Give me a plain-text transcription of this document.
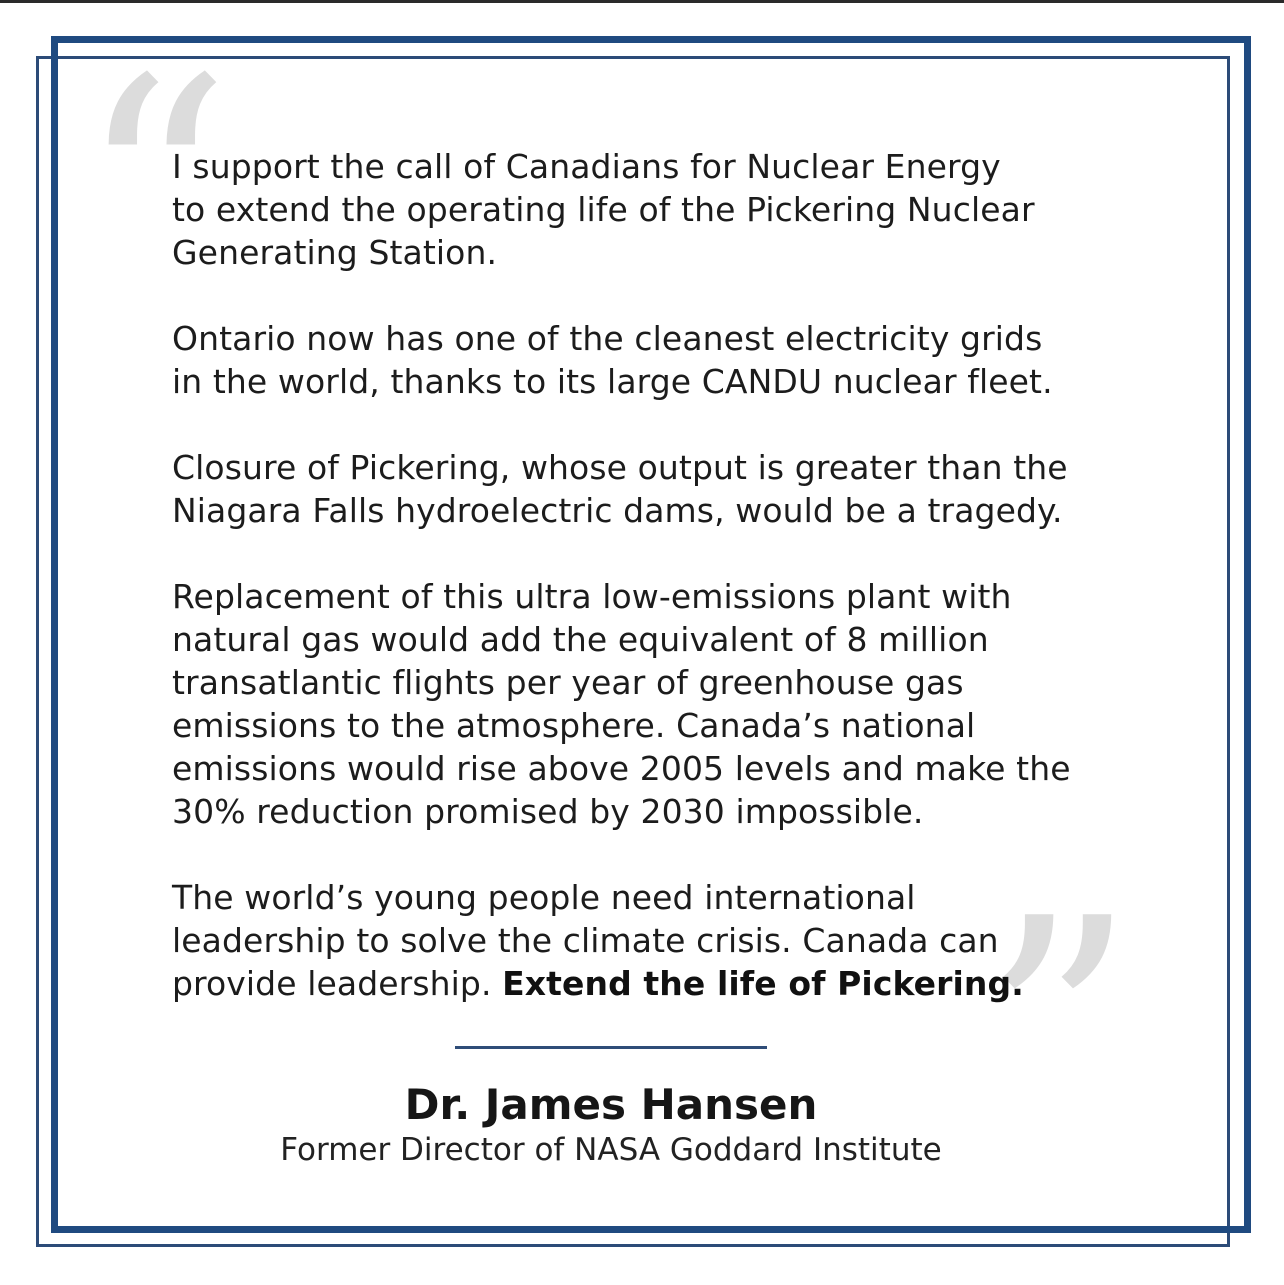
“
”

I support the call of Canadians for Nuclear Energy
to extend the operating life of the Pickering Nuclear
Generating Station.

Ontario now has one of the cleanest electricity grids
in the world, thanks to its large CANDU nuclear fleet.

Closure of Pickering, whose output is greater than the
Niagara Falls hydroelectric dams, would be a tragedy.

Replacement of this ultra low-emissions plant with
natural gas would add the equivalent of 8 million
transatlantic flights per year of greenhouse gas
emissions to the atmosphere. Canada’s national
emissions would rise above 2005 levels and make the
30% reduction promised by 2030 impossible.

The world’s young people need international
leadership to solve the climate crisis. Canada can
provide leadership. Extend the life of Pickering.

Dr. James Hansen
Former Director of NASA Goddard Institute
